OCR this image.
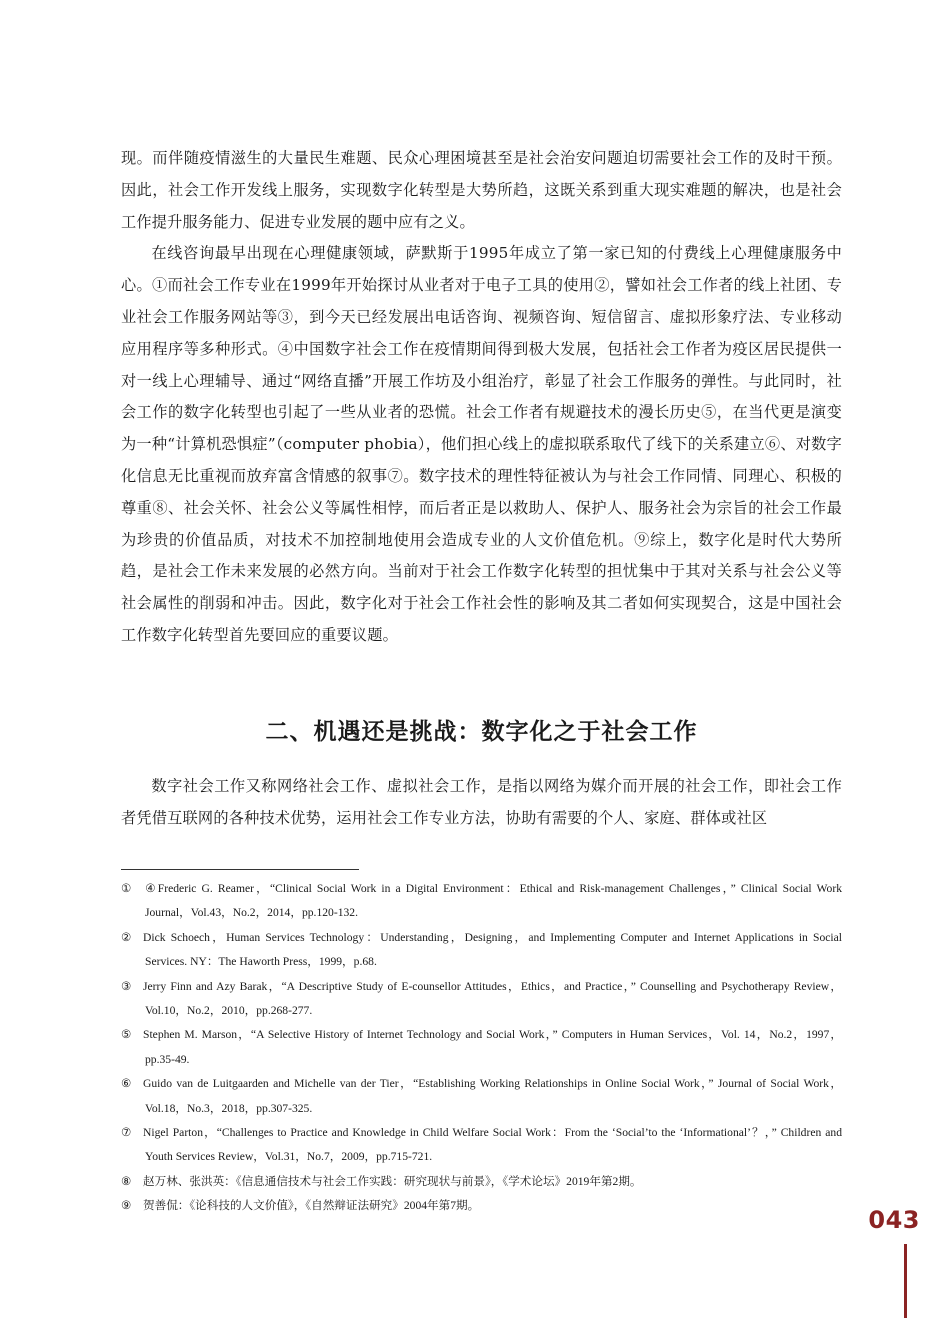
现。而伴随疫情滋生的大量民生难题、民众心理困境甚至是社会治安问题迫切需要社会工作的及时干预。因此，社会工作开发线上服务，实现数字化转型是大势所趋，这既关系到重大现实难题的解决，也是社会工作提升服务能力、促进专业发展的题中应有之义。

在线咨询最早出现在心理健康领域，萨默斯于1995年成立了第一家已知的付费线上心理健康服务中心。①而社会工作专业在1999年开始探讨从业者对于电子工具的使用②，譬如社会工作者的线上社团、专业社会工作服务网站等③，到今天已经发展出电话咨询、视频咨询、短信留言、虚拟形象疗法、专业移动应用程序等多种形式。④中国数字社会工作在疫情期间得到极大发展，包括社会工作者为疫区居民提供一对一线上心理辅导、通过“网络直播”开展工作坊及小组治疗，彰显了社会工作服务的弹性。与此同时，社会工作的数字化转型也引起了一些从业者的恐慌。社会工作者有规避技术的漫长历史⑤，在当代更是演变为一种“计算机恐惧症”（computer phobia），他们担心线上的虚拟联系取代了线下的关系建立⑥、对数字化信息无比重视而放弃富含情感的叙事⑦。数字技术的理性特征被认为与社会工作同情、同理心、积极的尊重⑧、社会关怀、社会公义等属性相悖，而后者正是以救助人、保护人、服务社会为宗旨的社会工作最为珍贵的价值品质，对技术不加控制地使用会造成专业的人文价值危机。⑨综上，数字化是时代大势所趋，是社会工作未来发展的必然方向。当前对于社会工作数字化转型的担忧集中于其对关系与社会公义等社会属性的削弱和冲击。因此，数字化对于社会工作社会性的影响及其二者如何实现契合，这是中国社会工作数字化转型首先要回应的重要议题。

二、机遇还是挑战：数字化之于社会工作

数字社会工作又称网络社会工作、虚拟社会工作，是指以网络为媒介而开展的社会工作，即社会工作者凭借互联网的各种技术优势，运用社会工作专业方法，协助有需要的个人、家庭、群体或社区

① ④Frederic G. Reamer，“Clinical Social Work in a Digital Environment：Ethical and Risk-management Challenges，” Clinical Social Work Journal，Vol.43，No.2，2014，pp.120-132.

② Dick Schoech，Human Services Technology：Understanding，Designing，and Implementing Computer and Internet Applications in Social Services. NY：The Haworth Press，1999，p.68.

③ Jerry Finn and Azy Barak，“A Descriptive Study of E-counsellor Attitudes，Ethics，and Practice，” Counselling and Psychotherapy Review，Vol.10，No.2，2010，pp.268-277.

⑤ Stephen M. Marson，“A Selective History of Internet Technology and Social Work，” Computers in Human Services，Vol. 14，No.2，1997，pp.35-49.

⑥ Guido van de Luitgaarden and Michelle van der Tier，“Establishing Working Relationships in Online Social Work，” Journal of Social Work，Vol.18，No.3，2018，pp.307-325.

⑦ Nigel Parton，“Challenges to Practice and Knowledge in Child Welfare Social Work：From the ‘Social’to the ‘Informational’？，” Children and Youth Services Review，Vol.31，No.7，2009，pp.715-721.

⑧ 赵万林、张洪英：《信息通信技术与社会工作实践：研究现状与前景》，《学术论坛》2019年第2期。

⑨ 贺善侃：《论科技的人文价值》，《自然辩证法研究》2004年第7期。

043
